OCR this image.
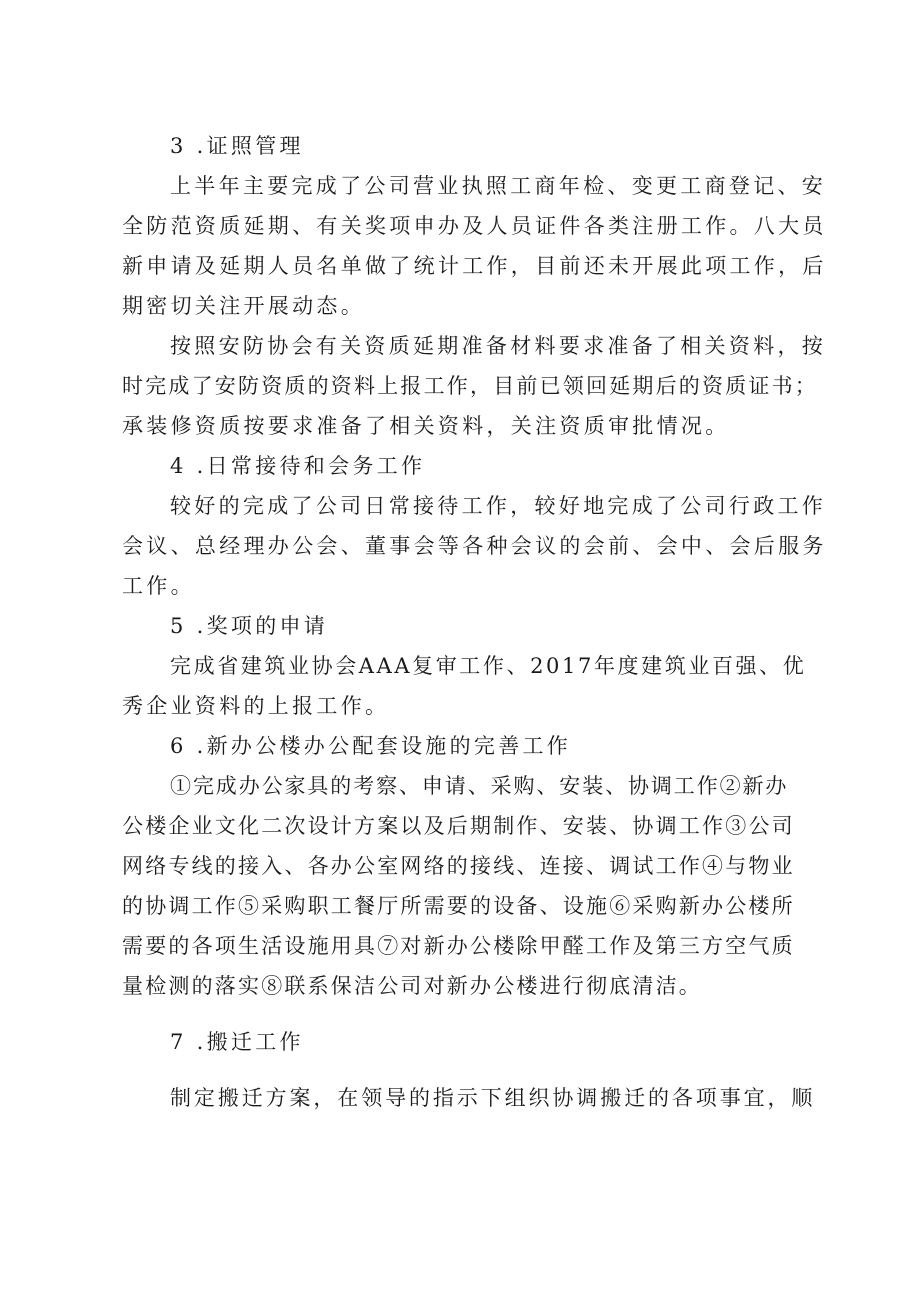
3 .证照管理
上半年主要完成了公司营业执照工商年检、变更工商登记、安
全防范资质延期、有关奖项申办及人员证件各类注册工作。八大员
新申请及延期人员名单做了统计工作，目前还未开展此项工作，后
期密切关注开展动态。
按照安防协会有关资质延期准备材料要求准备了相关资料，按
时完成了安防资质的资料上报工作，目前已领回延期后的资质证书；
承装修资质按要求准备了相关资料，关注资质审批情况。
4 .日常接待和会务工作
较好的完成了公司日常接待工作，较好地完成了公司行政工作
会议、总经理办公会、董事会等各种会议的会前、会中、会后服务
工作。
5 .奖项的申请
完成省建筑业协会AAA复审工作、2017年度建筑业百强、优
秀企业资料的上报工作。
6 .新办公楼办公配套设施的完善工作
①完成办公家具的考察、申请、采购、安装、协调工作②新办
公楼企业文化二次设计方案以及后期制作、安装、协调工作③公司
网络专线的接入、各办公室网络的接线、连接、调试工作④与物业
的协调工作⑤采购职工餐厅所需要的设备、设施⑥采购新办公楼所
需要的各项生活设施用具⑦对新办公楼除甲醛工作及第三方空气质
量检测的落实⑧联系保洁公司对新办公楼进行彻底清洁。
7 .搬迁工作
制定搬迁方案，在领导的指示下组织协调搬迁的各项事宜，顺
